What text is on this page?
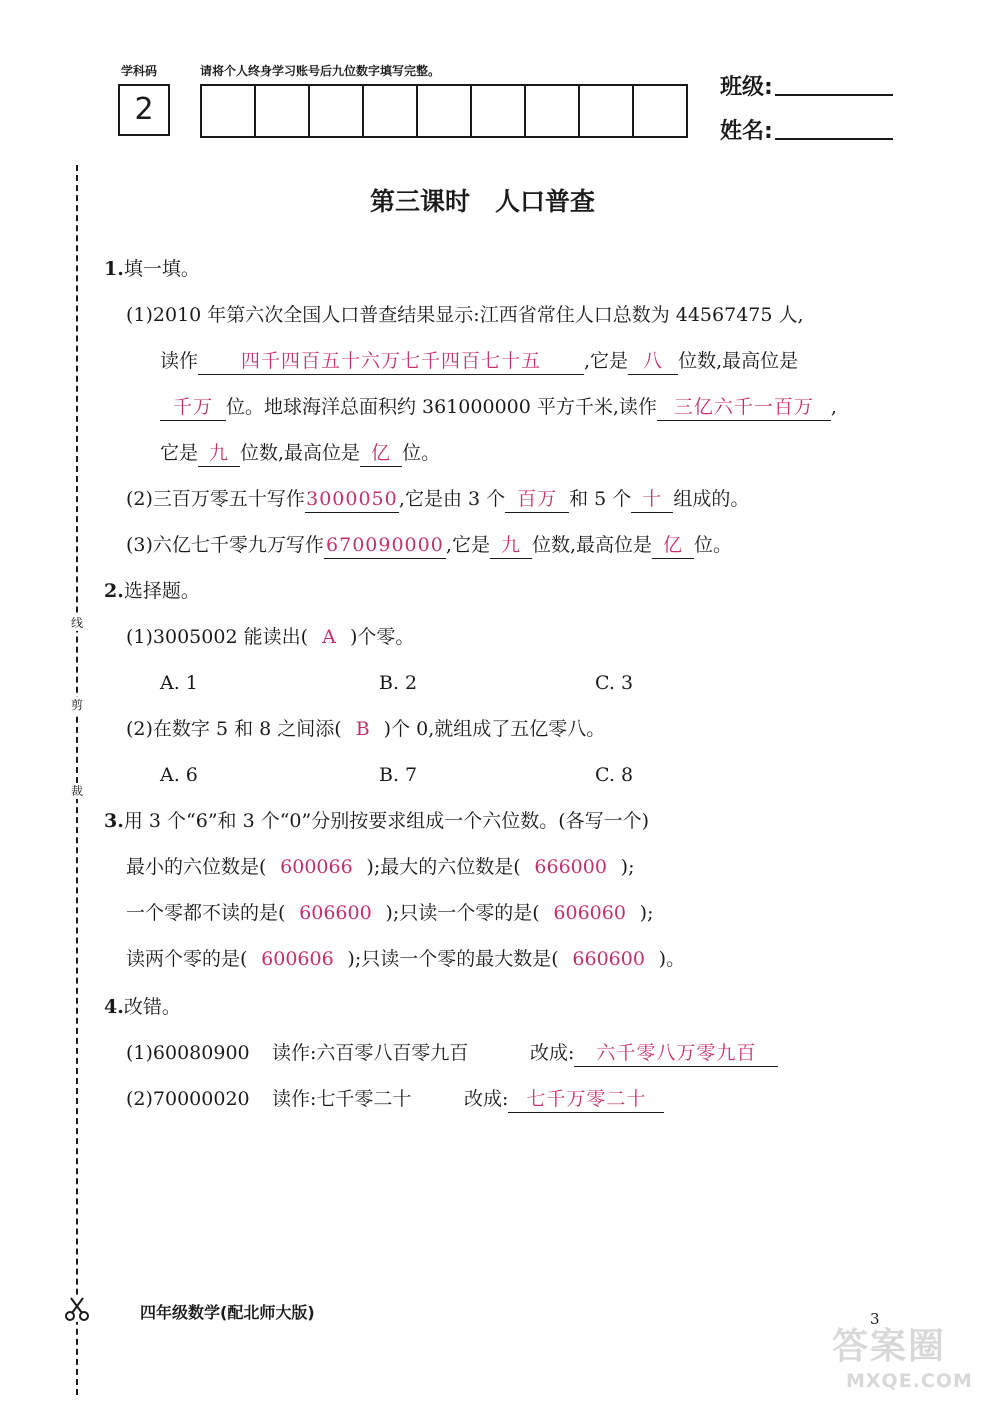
学科码	请将个人终身学习账号后九位数字填写完整。
2
班级:
姓名:
线
剪
裁
第三课时　人口普查
1.填一填。
(1)2010 年第六次全国人口普查结果显示:江西省常住人口总数为 44567475 人,
读作 四千四百五十六万七千四百七十五 ,它是 八 位数,最高位是
千万 位。地球海洋总面积约 361000000 平方千米,读作 三亿六千一百万 ,
它是 九 位数,最高位是 亿 位。
(2)三百万零五十写作3000050,它是由 3 个 百万 和 5 个 十 组成的。
(3)六亿七千零九万写作 670090000 ,它是 九 位数,最高位是 亿 位。
2.选择题。
(1)3005002 能读出( A )个零。
A. 1	B. 2	C. 3
(2)在数字 5 和 8 之间添( B )个 0,就组成了五亿零八。
A. 6	B. 7	C. 8
3.用 3 个“6”和 3 个“0”分别按要求组成一个六位数。(各写一个)
最小的六位数是( 600066 );最大的六位数是( 666000 );
一个零都不读的是( 606600 );只读一个零的是( 606060 );
读两个零的是( 600606 );只读一个零的最大数是( 660600 )。
4.改错。
(1)60080900 读作:六百零八百零九百	改成: 六千零八万零九百
(2)70000020 读作:七千零二十	改成: 七千万零二十
四年级数学(配北师大版)	3
答案圈
MXQE.COM
